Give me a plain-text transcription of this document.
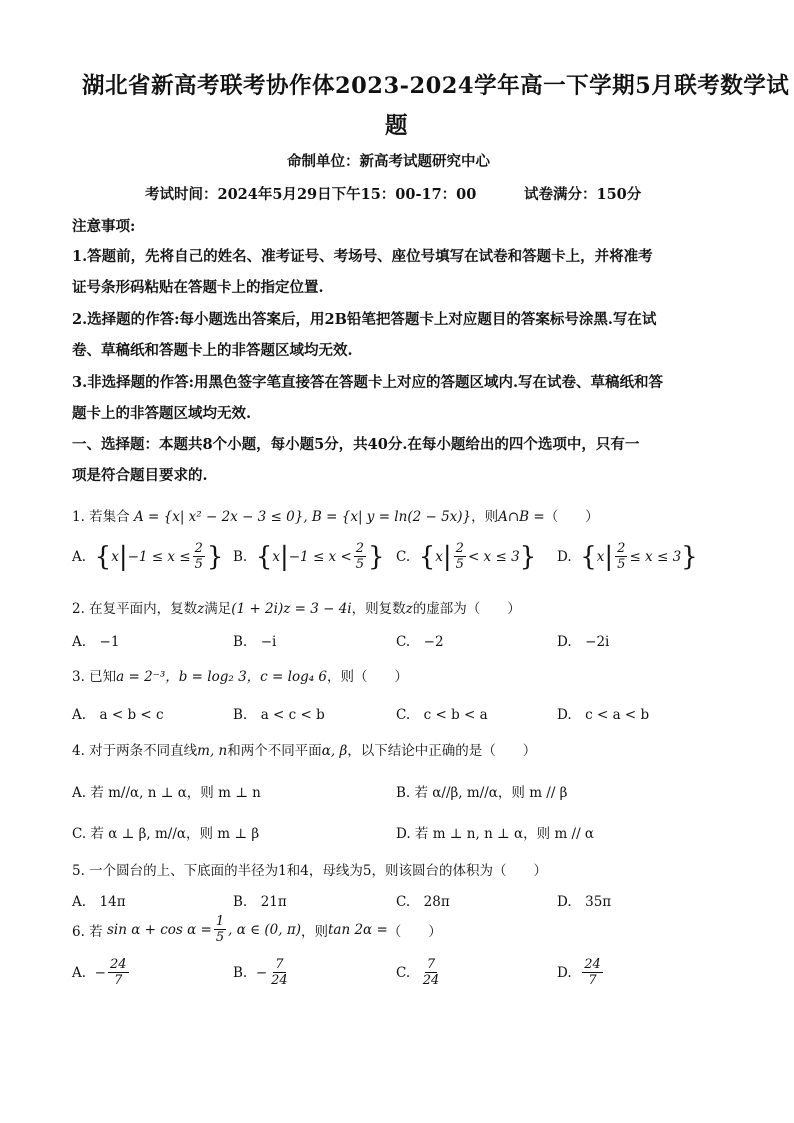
湖北省新高考联考协作体2023-2024学年高一下学期5月联考数学试
题
命制单位：新高考试题研究中心
考试时间：2024年5月29日下午15：00-17：00	试卷满分：150分
注意事项:
1.答题前，先将自己的姓名、准考证号、考场号、座位号填写在试卷和答题卡上，并将准考
证号条形码粘贴在答题卡上的指定位置.
2.选择题的作答:每小题选出答案后，用2B铅笔把答题卡上对应题目的答案标号涂黑.写在试
卷、草稿纸和答题卡上的非答题区域均无效.
3.非选择题的作答:用黑色签字笔直接答在答题卡上对应的答题区域内.写在试卷、草稿纸和答
题卡上的非答题区域均无效.
一、选择题：本题共8个小题，每小题5分，共40分.在每小题给出的四个选项中，只有一
项是符合题目要求的.
1. 若集合 A = {x| x² − 2x − 3 ≤ 0}, B = {x| y = ln(2 − 5x)}，则A∩B =（　　）
A.
{ x | $-1 \le x \le \frac{2}{5}$ } B.
{ x | $-1 \le x < \frac{2}{5}$ } C.
{ x | $\frac{2}{5} < x \le 3$ } D.
{ x | $\frac{2}{5} \le x \le 3$ }
2. 在复平面内，复数z满足(1 + 2i)z = 3 − 4i，则复数z的虚部为（　　）
A.　−1	B.　−i	C.　−2	D.　−2i
3. 已知a = 2⁻³，b = log₂ 3，c = log₄ 6，则（　　）
A.　a < b < c	B.　a < c < b	C.　c < b < a	D.　c < a < b
4. 对于两条不同直线m, n和两个不同平面α, β，以下结论中正确的是（　　）
A. 若 m//α, n ⊥ α，则 m ⊥ n	B. 若 α//β, m//α，则 m // β
C. 若 α ⊥ β, m//α，则 m ⊥ β	D. 若 m ⊥ n, n ⊥ α，则 m // α
5. 一个圆台的上、下底面的半径为1和4，母线为5，则该圆台的体积为（　　）
A.　14π	B.　21π	C.　28π	D.　35π
6. 若
$\sin \alpha + \cos \alpha = \frac{1}{5}$ , α ∈ (0, π) ，则 tan 2α = （　　）
A.
− $\frac{24}{7}$	B.
− $\frac{7}{24}$	C.
$\frac{7}{24}$	D.
$\frac{24}{7}$
